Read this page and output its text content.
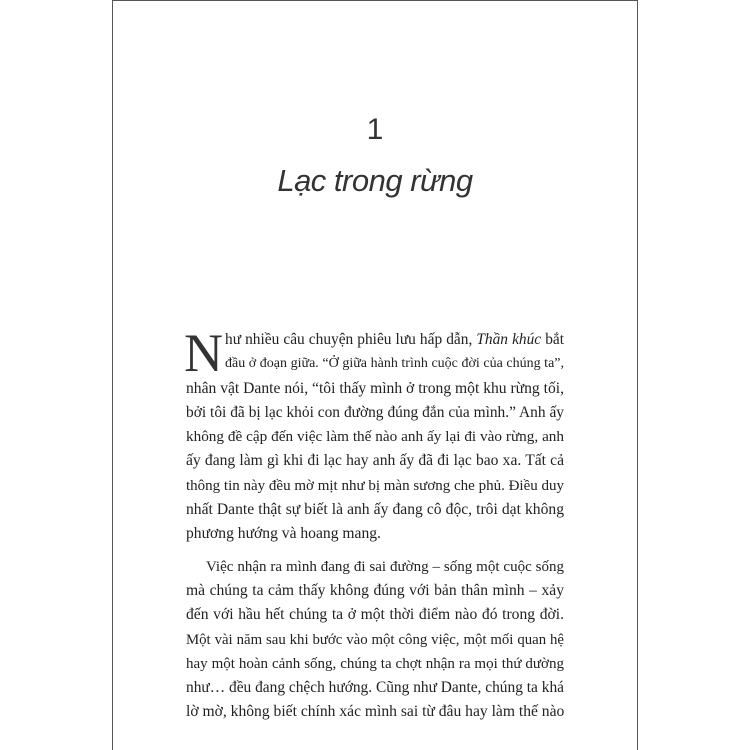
1
Lạc trong rừng

N hư nhiều câu chuyện phiêu lưu hấp dẫn, Thần khúc bắt
đầu ở đoạn giữa. “Ở giữa hành trình cuộc đời của chúng ta”,
nhân vật Dante nói, “tôi thấy mình ở trong một khu rừng tối,
bởi tôi đã bị lạc khỏi con đường đúng đắn của mình.” Anh ấy
không đề cập đến việc làm thế nào anh ấy lại đi vào rừng, anh
ấy đang làm gì khi đi lạc hay anh ấy đã đi lạc bao xa. Tất cả
thông tin này đều mờ mịt như bị màn sương che phủ. Điều duy
nhất Dante thật sự biết là anh ấy đang cô độc, trôi dạt không
phương hướng và hoang mang.

Việc nhận ra mình đang đi sai đường – sống một cuộc sống
mà chúng ta cảm thấy không đúng với bản thân mình – xảy
đến với hầu hết chúng ta ở một thời điểm nào đó trong đời.
Một vài năm sau khi bước vào một công việc, một mối quan hệ
hay một hoàn cảnh sống, chúng ta chợt nhận ra mọi thứ dường
như… đều đang chệch hướng. Cũng như Dante, chúng ta khá
lờ mờ, không biết chính xác mình sai từ đâu hay làm thế nào
